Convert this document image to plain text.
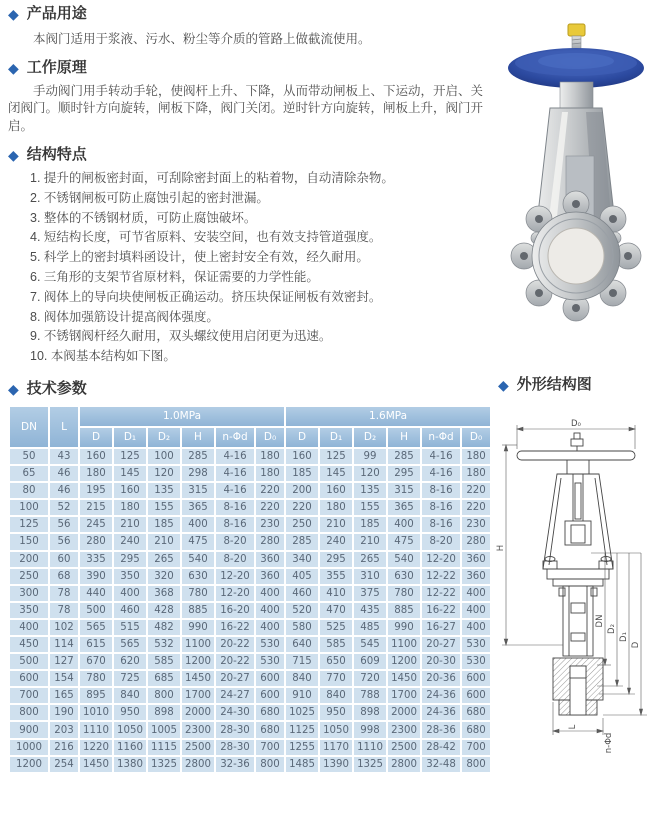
◆ 产品用途

本阀门适用于浆液、污水、粉尘等介质的管路上做截流使用。

◆ 工作原理

手动阀门用手转动手轮，使阀杆上升、下降，从而带动闸板上、下运动，开启、关闭阀门。顺时针方向旋转，闸板下降，阀门关闭。逆时针方向旋转，闸板上升，阀门开启。

◆ 结构特点
1. 提升的闸板密封面，可刮除密封面上的粘着物，自动清除杂物。
2. 不锈钢闸板可防止腐蚀引起的密封泄漏。
3. 整体的不锈钢材质，可防止腐蚀破坏。
4. 短结构长度，可节省原料、安装空间，也有效支持管道强度。
5. 科学上的密封填料函设计，使上密封安全有效，经久耐用。
6. 三角形的支架节省原材料，保证需要的力学性能。
7. 阀体上的导向块使闸板正确运动。挤压块保证闸板有效密封。
8. 阀体加强筋设计提高阀体强度。
9. 不锈钢阀杆经久耐用，双头螺纹使用启闭更为迅速。
10. 本阀基本结构如下图。
◆ 技术参数
DN	L	1.0MPa						1.6MPa					
		D	D₁	D₂	H	n-Φd	D₀	D	D₁	D₂	H	n-Φd	D₀
50	43	160	125	100	285	4-16	180	160	125	99	285	4-16	180
65	46	180	145	120	298	4-16	180	185	145	120	295	4-16	180
80	46	195	160	135	315	4-16	220	200	160	135	315	8-16	220
100	52	215	180	155	365	8-16	220	220	180	155	365	8-16	220
125	56	245	210	185	400	8-16	230	250	210	185	400	8-16	230
150	56	280	240	210	475	8-20	280	285	240	210	475	8-20	280
200	60	335	295	265	540	8-20	360	340	295	265	540	12-20	360
250	68	390	350	320	630	12-20	360	405	355	310	630	12-22	360
300	78	440	400	368	780	12-20	400	460	410	375	780	12-22	400
350	78	500	460	428	885	16-20	400	520	470	435	885	16-22	400
400	102	565	515	482	990	16-22	400	580	525	485	990	16-27	400
450	114	615	565	532	1100	20-22	530	640	585	545	1100	20-27	530
500	127	670	620	585	1200	20-22	530	715	650	609	1200	20-30	530
600	154	780	725	685	1450	20-27	600	840	770	720	1450	20-36	600
700	165	895	840	800	1700	24-27	600	910	840	788	1700	24-36	600
800	190	1010	950	898	2000	24-30	680	1025	950	898	2000	24-36	680
900	203	1110	1050	1005	2300	28-30	680	1125	1050	998	2300	28-36	680
1000	216	1220	1160	1115	2500	28-30	700	1255	1170	1110	2500	28-42	700
1200	254	1450	1380	1325	2800	32-36	800	1485	1390	1325	2800	32-48	800
◆ 外形结构图
D₀
H
DN
D₂
D₁
D
L
n-Φd
